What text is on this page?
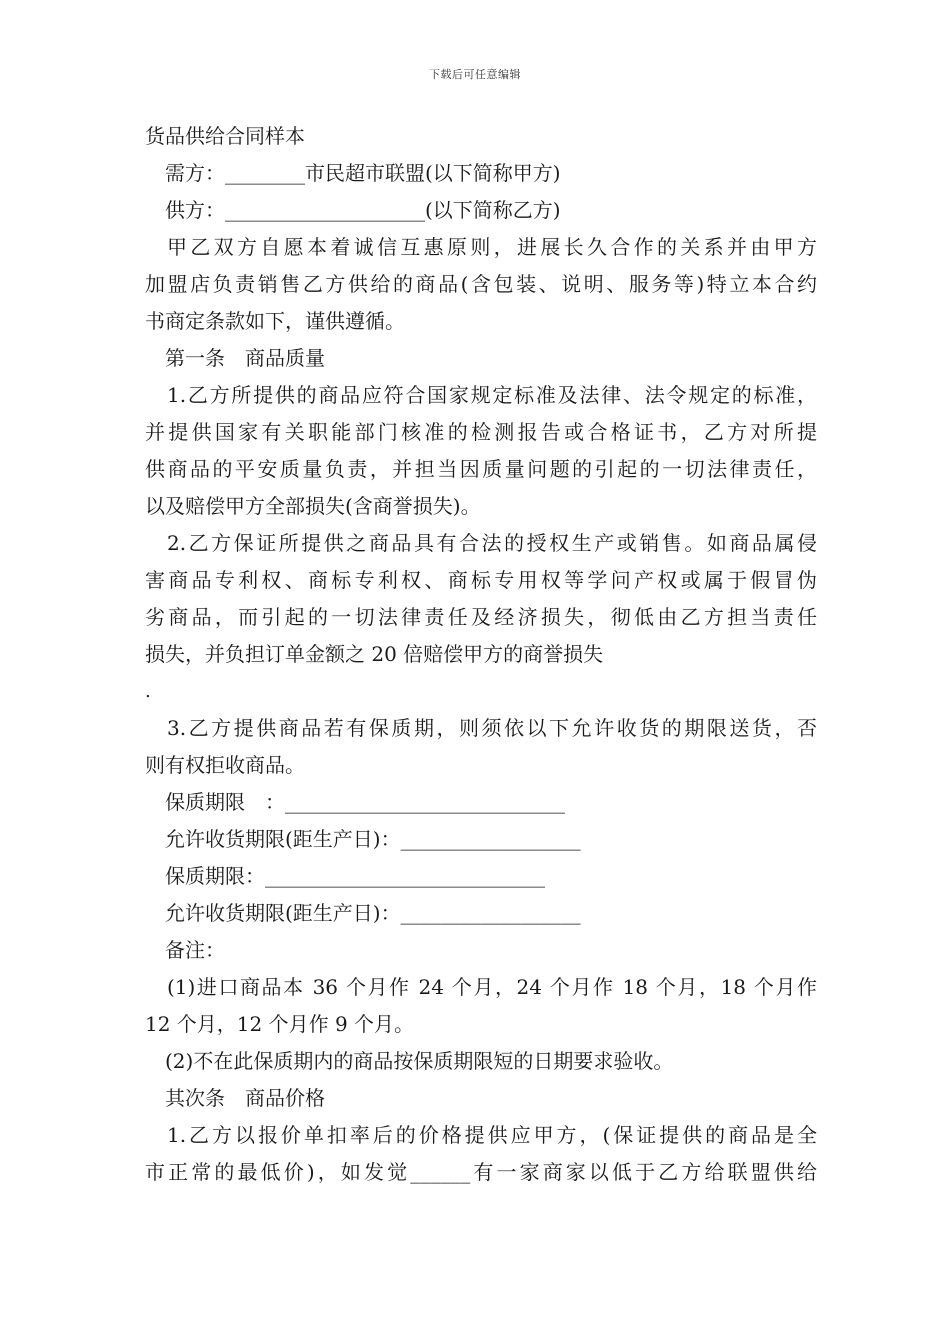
下载后可任意编辑
货品供给合同样本
需方：________市民超市联盟(以下简称甲方)
供方：____________________(以下简称乙方)
甲乙双方自愿本着诚信互惠原则，进展长久合作的关系并由甲方
加盟店负责销售乙方供给的商品(含包装、说明、服务等)特立本合约
书商定条款如下，谨供遵循。
第一条　商品质量
1.乙方所提供的商品应符合国家规定标准及法律、法令规定的标准，
并提供国家有关职能部门核准的检测报告或合格证书，乙方对所提
供商品的平安质量负责，并担当因质量问题的引起的一切法律责任，
以及赔偿甲方全部损失(含商誉损失)。
2.乙方保证所提供之商品具有合法的授权生产或销售。如商品属侵
害商品专利权、商标专利权、商标专用权等学问产权或属于假冒伪
劣商品，而引起的一切法律责任及经济损失，彻低由乙方担当责任
损失，并负担订单金额之 20 倍赔偿甲方的商誉损失
.
3.乙方提供商品若有保质期，则须依以下允许收货的期限送货，否
则有权拒收商品。
保质期限　：____________________________
允许收货期限(距生产日)：__________________
保质期限：____________________________
允许收货期限(距生产日)：__________________
备注：
(1)进口商品本 36 个月作 24 个月，24 个月作 18 个月，18 个月作
12 个月，12 个月作 9 个月。
(2)不在此保质期内的商品按保质期限短的日期要求验收。
其次条　商品价格
1.乙方以报价单扣率后的价格提供应甲方，(保证提供的商品是全
市正常的最低价)，如发觉______有一家商家以低于乙方给联盟供给
